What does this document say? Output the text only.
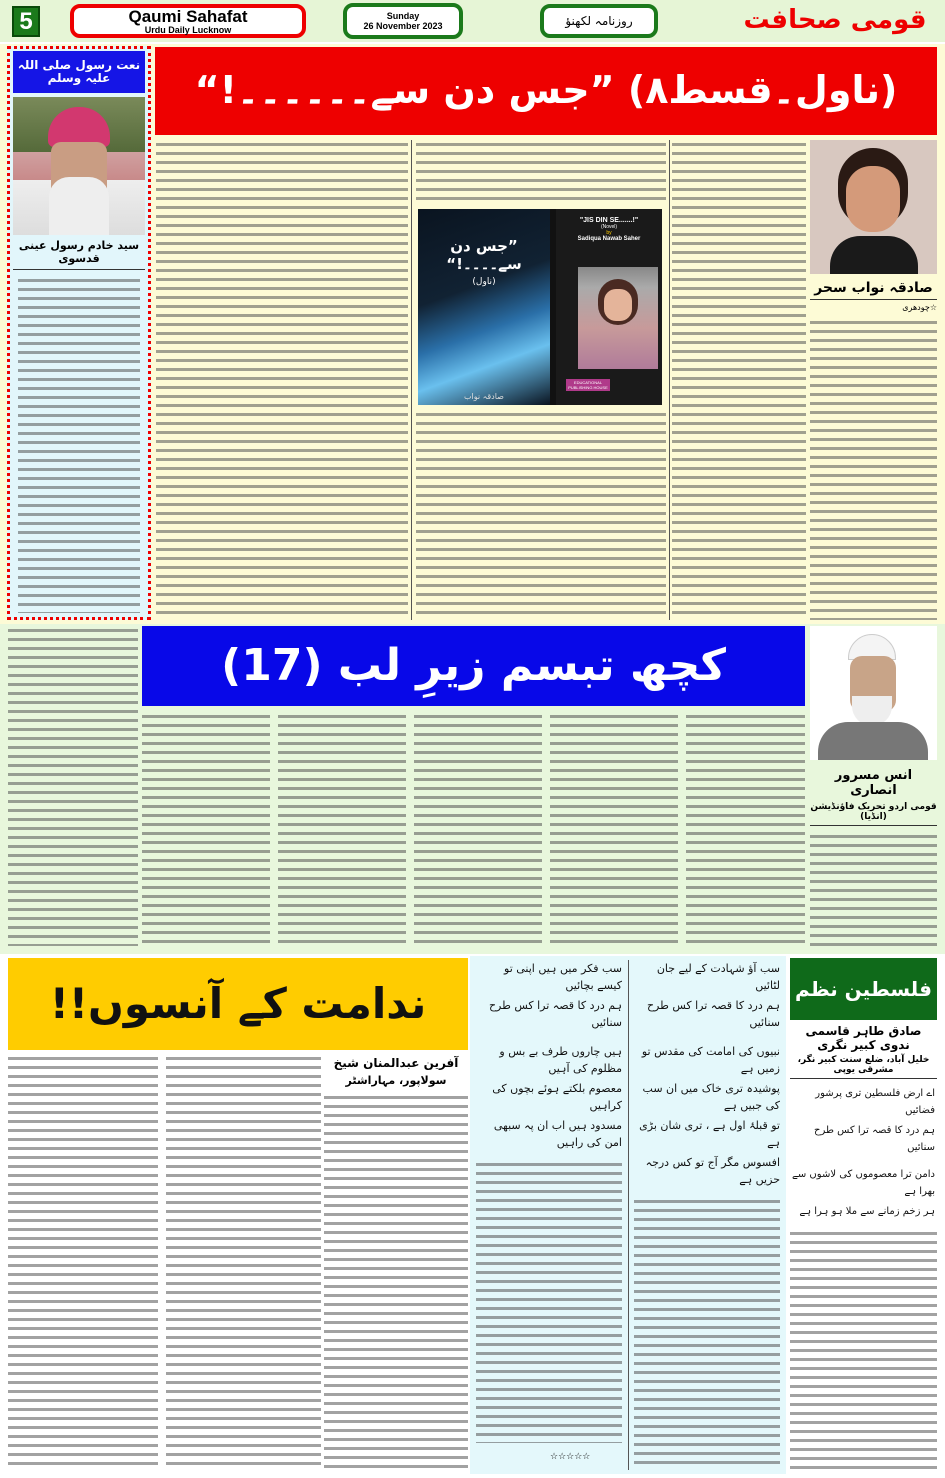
5	Qaumi Sahafat
Urdu Daily Lucknow
Sunday
26 November 2023	روزنامہ لکھنؤ	قومی صحافت
نعت رسول صلی اللہ علیہ وسلم
سید خادم رسول عینی قدسوی
(ناول۔قسط۸) ”جس دن سے۔۔۔۔۔۔!“
”جس دن سے۔۔۔۔!“
(ناول)
صادقہ نواب
"JIS DIN SE.......!"
(Novel)
by
Sadiqua Nawab Saher
EDUCATIONAL PUBLISHING HOUSE
صادقہ نواب سحر
☆چودھری
کچھ تبسم زیرِ لب (17)
انس مسرور انصاری
قومی اردو تحریک فاؤنڈیشن (انڈیا)
ندامت کے آنسوں!!
آفرین عبدالمنان شیخ
سولاپور، مہاراشٹر
سب آؤ شہادت کے لیے جان لٹائیں
ہم درد کا قصہ ترا کس طرح سنائیں
نبیوں کی امامت کی مقدس تو زمیں ہے
پوشیدہ تری خاک میں ان سب کی جبیں ہے
تو قبلۂ اول ہے ، تری شان بڑی ہے
افسوس مگر آج تو کس درجہ حزیں ہے
سب فکر میں ہیں اپنی تو کیسے بچائیں
ہم درد کا قصہ ترا کس طرح سنائیں
ہیں چاروں طرف بے بس و مظلوم کی آہیں
معصوم بلکتے ہوئے بچوں کی کراہیں
مسدود ہیں اب ان پہ سبھی امن کی راہیں
☆☆☆☆☆
فلسطین نظم
صادق طاہر قاسمی ندوی کبیر نگری
خلیل آباد، ضلع سنت کبیر نگر، مشرقی یوپی
اے ارض فلسطین تری پرشور فضائیں
ہم درد کا قصہ ترا کس طرح سنائیں
دامن ترا معصوموں کی لاشوں سے بھرا ہے
ہر زخم زمانے سے ملا ہو ہرا ہے
